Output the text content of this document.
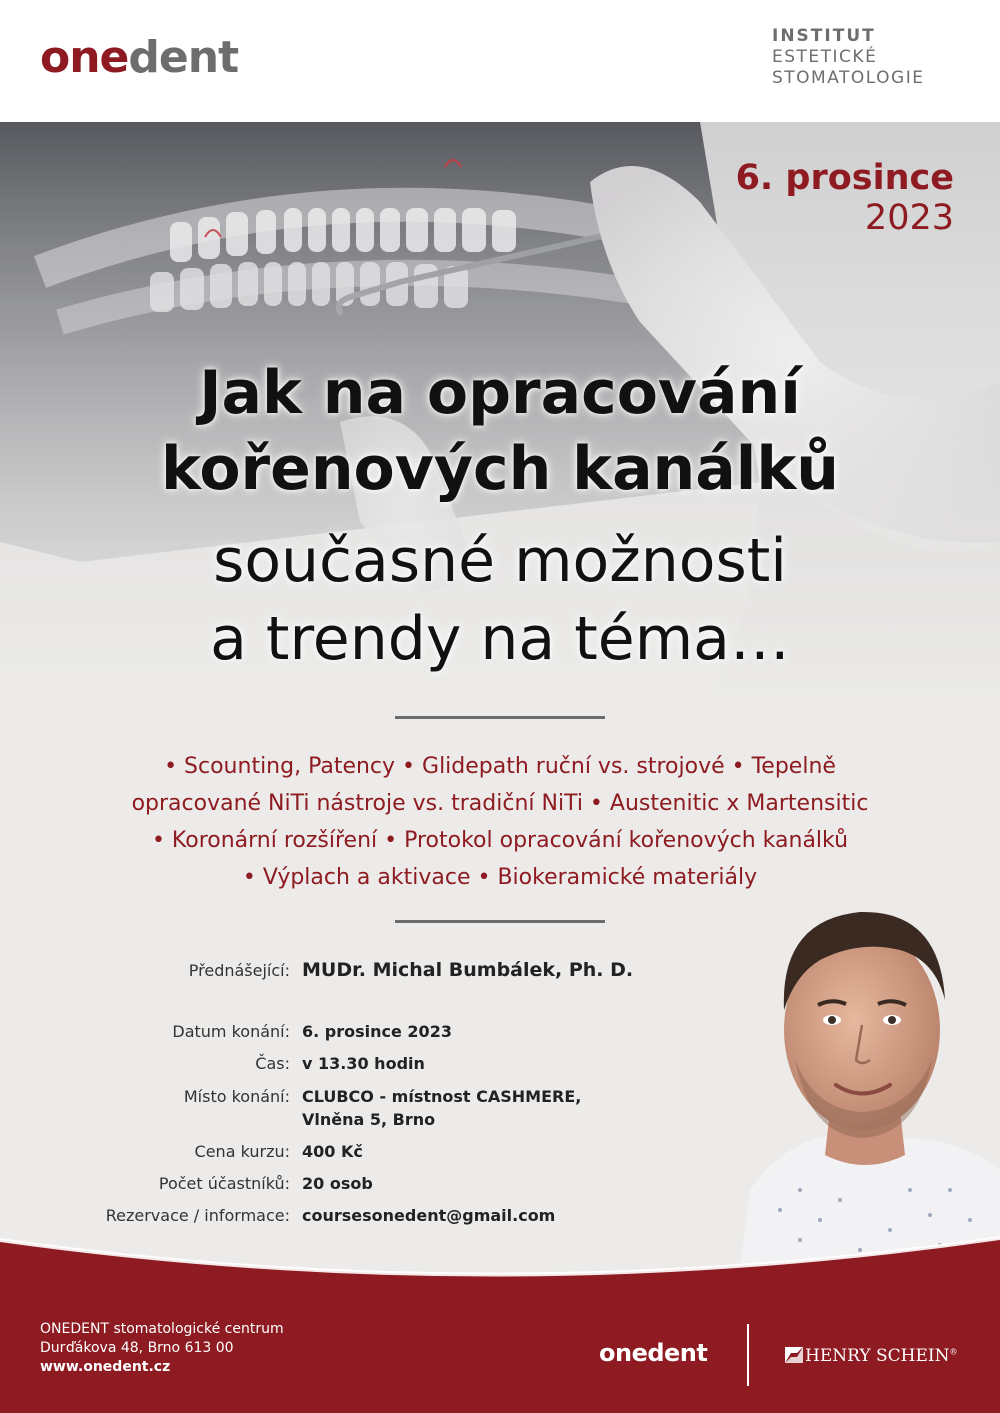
onedent	INSTITUT
ESTETICKÉ
STOMATOLOGIE
6. prosince
2023
Jak na opracování
kořenových kanálků
současné možnosti
a trendy na téma…
• Scounting, Patency • Glidepath ruční vs. strojové • Tepelně
opracované NiTi nástroje vs. tradiční NiTi • Austenitic x Martensitic
• Koronární rozšíření • Protokol opracování kořenových kanálků
• Výplach a aktivace • Biokeramické materiály
Přednášející: MUDr. Michal Bumbálek, Ph. D.
Datum konání: 6. prosince 2023
Čas: v 13.30 hodin
Místo konání: CLUBCO - místnost CASHMERE,
Vlněna 5, Brno
Cena kurzu: 400 Kč
Počet účastníků: 20 osob
Rezervace / informace: coursesonedent@gmail.com
ONEDENT stomatologické centrum
Durďákova 48, Brno 613 00
www.onedent.cz	onedent	HENRY SCHEIN®
